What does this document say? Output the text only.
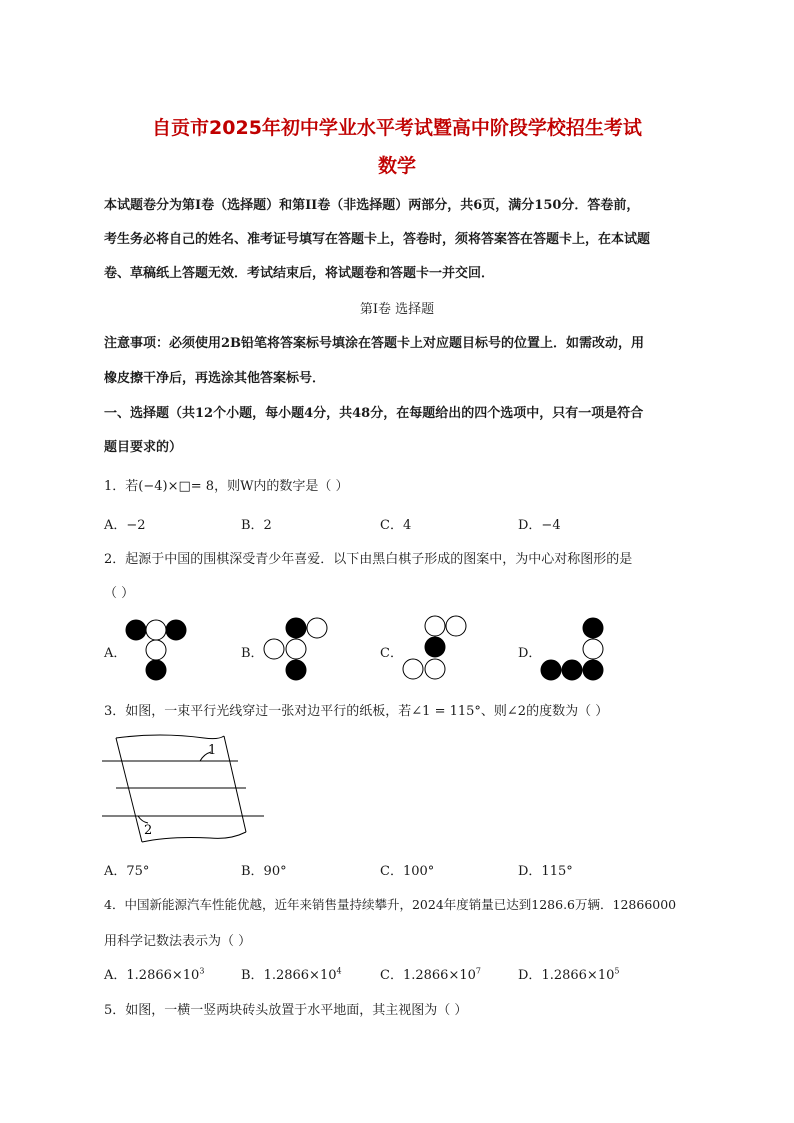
自贡市2025年初中学业水平考试暨高中阶段学校招生考试
数学
本试题卷分为第I卷（选择题）和第II卷（非选择题）两部分，共6页，满分150分．答卷前，
考生务必将自己的姓名、准考证号填写在答题卡上，答卷时，须将答案答在答题卡上，在本试题
卷、草稿纸上答题无效．考试结束后，将试题卷和答题卡一并交回．
第I卷 选择题
注意事项：必须使用2B铅笔将答案标号填涂在答题卡上对应题目标号的位置上．如需改动，用
橡皮擦干净后，再选涂其他答案标号．
一、选择题（共12个小题，每小题4分，共48分，在每题给出的四个选项中，只有一项是符合
题目要求的）
1．若(−4)×□= 8，则W内的数字是（ ）
A．−2	B．2	C．4	D．−4
2．起源于中国的围棋深受青少年喜爱．以下由黑白棋子形成的图案中，为中心对称图形的是
（ ）
A．	B．	C．	D．
3．如图，一束平行光线穿过一张对边平行的纸板，若∠1 = 115°、则∠2的度数为（ ）
1
2
A．75°	B．90°	C．100°	D．115°
4．中国新能源汽车性能优越，近年来销售量持续攀升，2024年度销量已达到1286.6万辆．12866000
用科学记数法表示为（ ）
A．$1.2866\times 10^3$	B．$1.2866\times 10^4$	C．$1.2866\times 10^7$	D．$1.2866\times 10^5$
5．如图，一横一竖两块砖头放置于水平地面，其主视图为（ ）
